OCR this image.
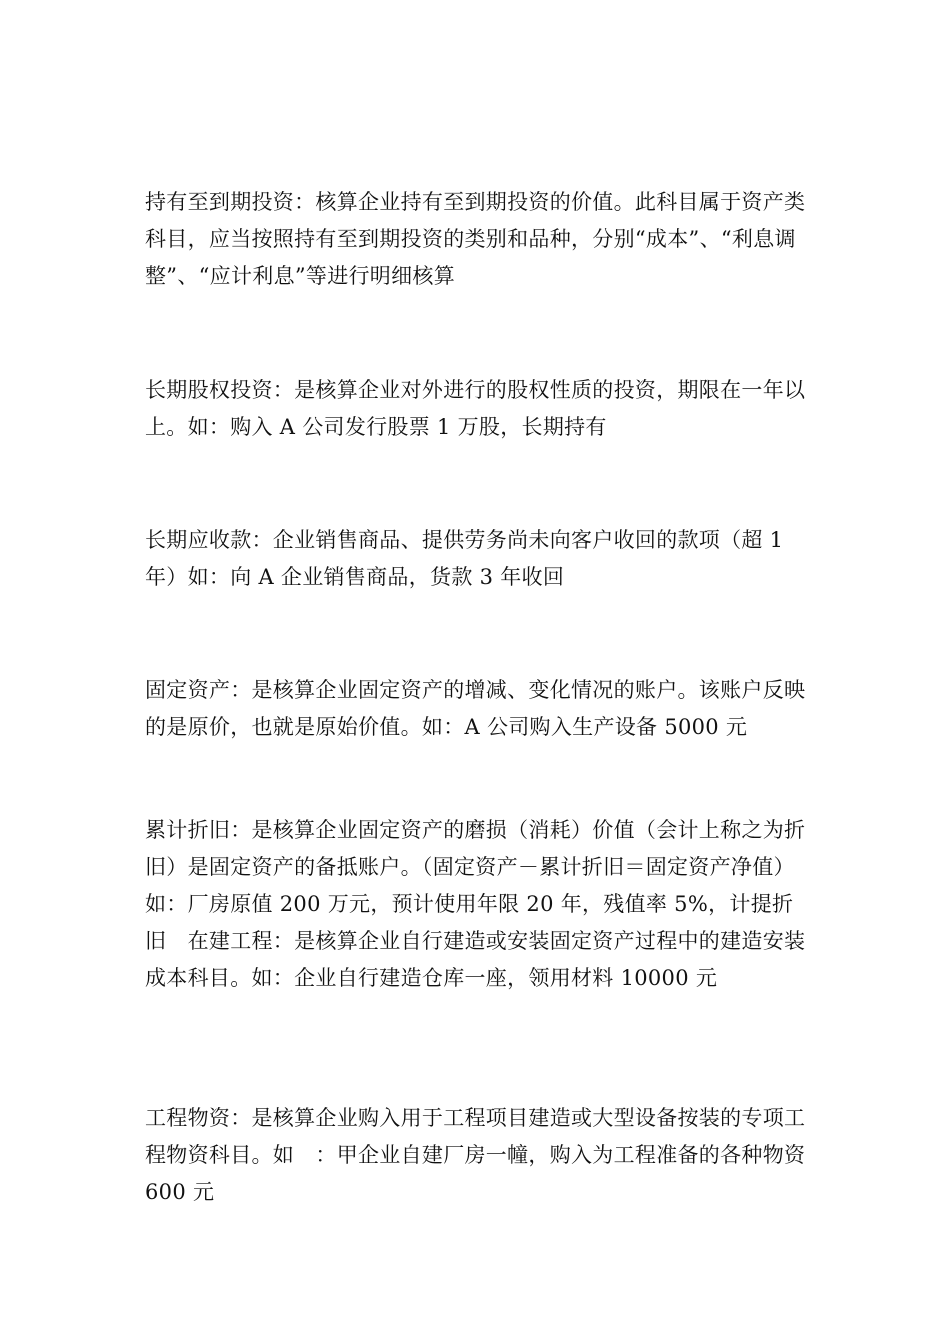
持有至到期投资：核算企业持有至到期投资的价值。此科目属于资产类科目，应当按照持有至到期投资的类别和品种，分别“成本”、“利息调整”、“应计利息”等进行明细核算

长期股权投资：是核算企业对外进行的股权性质的投资，期限在一年以上。如：购入 A 公司发行股票 1 万股，长期持有

长期应收款：企业销售商品、提供劳务尚未向客户收回的款项（超 1 年）如：向 A 企业销售商品，货款 3 年收回

固定资产：是核算企业固定资产的增减、变化情况的账户。该账户反映的是原价，也就是原始价值。如：A 公司购入生产设备 5000 元

累计折旧：是核算企业固定资产的磨损（消耗）价值（会计上称之为折旧）是固定资产的备抵账户。（固定资产－累计折旧＝固定资产净值）如：厂房原值 200 万元，预计使用年限 20 年，残值率 5%，计提折旧　在建工程：是核算企业自行建造或安装固定资产过程中的建造安装成本科目。如：企业自行建造仓库一座，领用材料 10000 元

工程物资：是核算企业购入用于工程项目建造或大型设备按装的专项工程物资科目。如　：甲企业自建厂房一幢，购入为工程准备的各种物资 600 元
